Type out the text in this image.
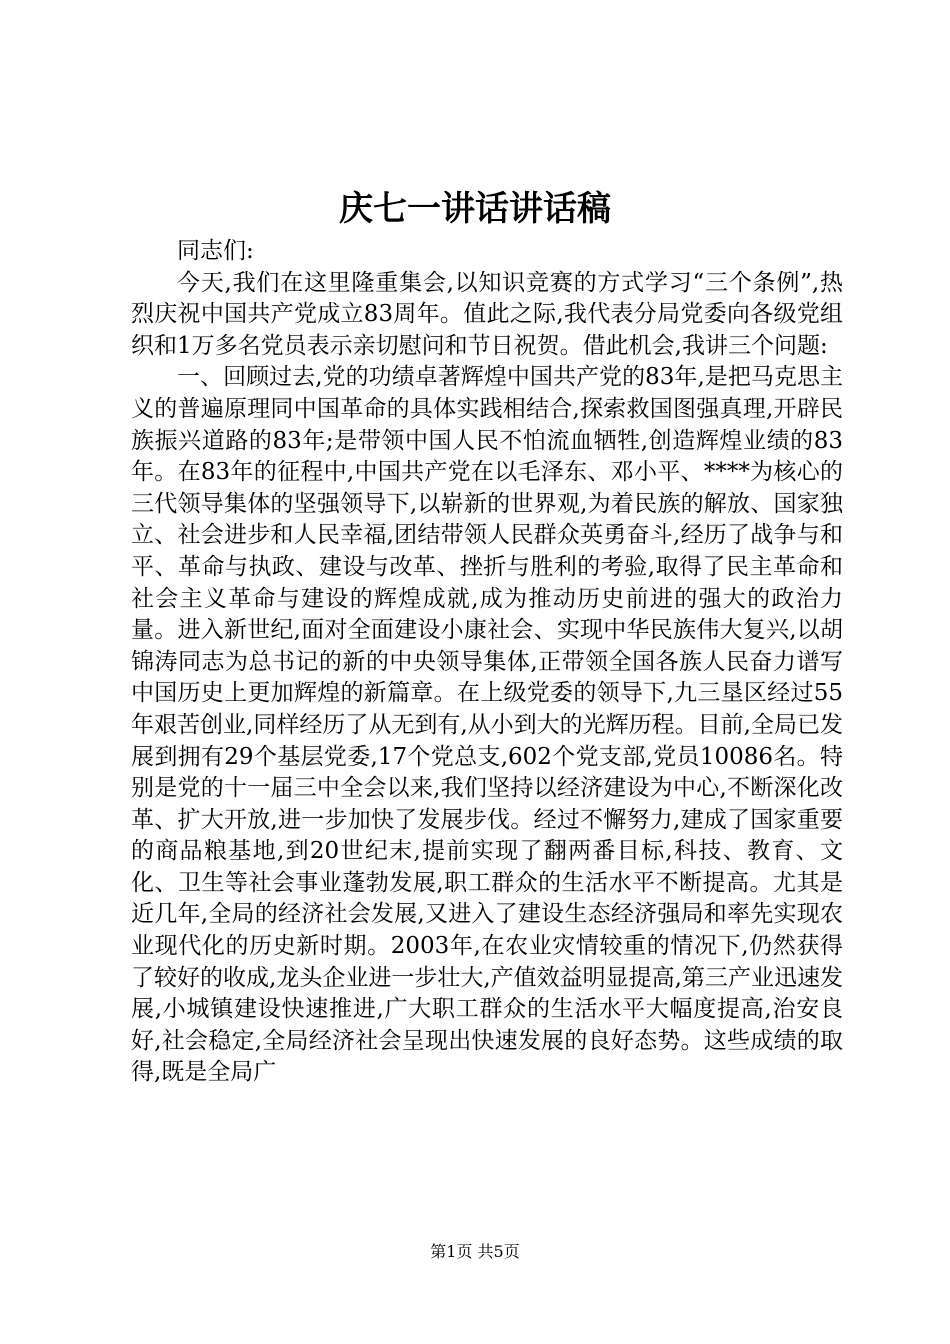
庆七一讲话讲话稿

同志们:

今天,我们在这里隆重集会,以知识竞赛的方式学习“三个条例”,热烈庆祝中国共产党成立83周年。值此之际,我代表分局党委向各级党组织和1万多名党员表示亲切慰问和节日祝贺。借此机会,我讲三个问题:

一、回顾过去,党的功绩卓著辉煌中国共产党的83年,是把马克思主义的普遍原理同中国革命的具体实践相结合,探索救国图强真理,开辟民族振兴道路的83年;是带领中国人民不怕流血牺牲,创造辉煌业绩的83年。在83年的征程中,中国共产党在以毛泽东、邓小平、****为核心的三代领导集体的坚强领导下,以崭新的世界观,为着民族的解放、国家独立、社会进步和人民幸福,团结带领人民群众英勇奋斗,经历了战争与和平、革命与执政、建设与改革、挫折与胜利的考验,取得了民主革命和社会主义革命与建设的辉煌成就,成为推动历史前进的强大的政治力量。进入新世纪,面对全面建设小康社会、实现中华民族伟大复兴,以胡锦涛同志为总书记的新的中央领导集体,正带领全国各族人民奋力谱写中国历史上更加辉煌的新篇章。在上级党委的领导下,九三垦区经过55年艰苦创业,同样经历了从无到有,从小到大的光辉历程。目前,全局已发展到拥有29个基层党委,17个党总支,602个党支部,党员10086名。特别是党的十一届三中全会以来,我们坚持以经济建设为中心,不断深化改革、扩大开放,进一步加快了发展步伐。经过不懈努力,建成了国家重要的商品粮基地,到20世纪末,提前实现了翻两番目标,科技、教育、文化、卫生等社会事业蓬勃发展,职工群众的生活水平不断提高。尤其是近几年,全局的经济社会发展,又进入了建设生态经济强局和率先实现农业现代化的历史新时期。2003年,在农业灾情较重的情况下,仍然获得了较好的收成,龙头企业进一步壮大,产值效益明显提高,第三产业迅速发展,小城镇建设快速推进,广大职工群众的生活水平大幅度提高,治安良好,社会稳定,全局经济社会呈现出快速发展的良好态势。这些成绩的取得,既是全局广

第1页 共5页
